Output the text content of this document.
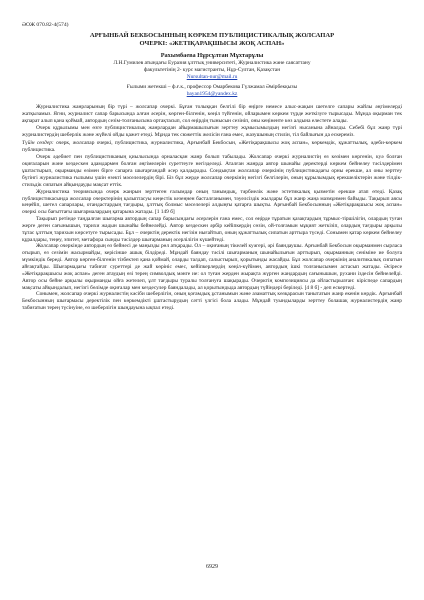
ӘОЖ 070.82-4(574)
АРҒЫНБАЙ БЕКБОСЫННЫҢ КӨРКЕМ ПУБЛИЦИСТИКАЛЫҚ ЖОЛСАПАР
ОЧЕРКІ: «ЖЕТІҚАРАҚШЫСЫ ЖОҚ АСПАН»
Рахымбаева Нұрсұлтан Мұхтарұлы
Л.Н.Гумилев атындағы Еуразия ұлттық университеті, Журналистика және саясаттану
факультетінің 2- курс магистранты, Нұр-Султан, Қазақстан
Nursultan-nur@mail.ru
Ғылыми жетекші – ф.ғ.к., профессор Омарбекова Гүлжамал Әмірбекқызы
bayan1954@yandex.kz

Журналистика жанрларының бір түрі – жолсапар очеркі. Бұған толыққан белгілі бір өңірге немесе алыс-жақын шетелге сапары жайлы әңгімелерді жатқызамыз. Ягни, журналист сапар барысында алған әсерін, көрген-білгенін, көңіл түйгенін, ойларымен көркем түрде жеткізуге тырысады. Мұнда оқырман тек ақпарат алып қана қоймай, автордың сезім-толғанысына ортақтасып, сол өңірдің тынысын сезініп, оны кеңіненте көз алдына елестете алады.

Очерк құрылымы мен өзге публицистикалық жанрлардан айырмашылығын зерттеу жұмысымыздың негізгі нысанына айналды. Себебі бұл жанр түрі журналистердің шеберлік және жүйелі ойды қажет етеді. Мұнда тек сюжеттік желісін ғана емес, жазушының стилін, тіл байлығын да ескереміз.

Түйін сөздер: очерк, жолсапар очеркі, публицистика, журналистика, Арғынбай Бекбосын, «Жетіқарақшысы жоқ аспан», көркемдік, құжаттылық, әдеби-көркем публицистика.

Очерк әдебиет пен публицистиканың қиылысында орналасқан жанр болып табылады. Жолсапар очеркі журналистің өз көзімен көргенін, куә болған оқиғаларын және кездескен адамдармен болған әңгімелерін суреттеуге негізделеді. Аталған жанрда автор шынайы деректерді көркем бейнелеу тәсілдерімен ұштастырып, оқырманды өзімен бірге сапарға шығарғандай әсер қалдырады. Сондықтан жолсапар очеркінің публицистикадағы орны ерекше, ал оны зерттеу бүгінгі журналистика ғылымы үшін өзекті мәселелердің бірі. Біз бұл жерде жолсапар очеркінің негізгі белгілерін, оның құрылымдық ерекшеліктерін және тілдік-стильдік сипатын айқындауды мақсат еттік.

Журналистика теориясында очерк жанрын зерттеген ғалымдар оның танымдық, тәрбиелік және эстетикалық қызметін ерекше атап өтеді. Қазақ публицистикасында жолсапар очерктерінің қалыптасуы кеңестік кезеңнен басталғанымен, тәуелсіздік жылдары бұл жанр жаңа мазмұнмен байыды. Тақырып аясы кеңейіп, шетел сапарлары, отандастардың тағдыры, ұлттық болмыс мәселелері алдыңғы қатарға шықты. Арғынбай Бекбосынның «Жетіқарақшысы жоқ аспан» очеркі осы бағыттағы шығармалардың қатарына жатады. [1 149 б]

Тақырып ретінде таңдалған шығарма автордың сапар барысындағы әсерлерін ғана емес, сол өңірде тұратын қазақтардың тұрмыс-тіршілігін, олардың туған жерге деген сағынышын, тарихи жадын шынайы бейнелейді. Автор кездескен әрбір кейіпкердің сөзін, ой-толғамын мұқият жеткізіп, олардың тағдыры арқылы тұтас ұлттың тарихын көрсетуге тырысады. Бұл – очерктің деректік негізін нығайтып, оның құжаттылық сипатын арттыра түседі. Сонымен қатар көркем бейнелеу құралдары, теңеу, эпитет, метафора сынды тәсілдер шығарманың әсерлілігін күшейтеді.

Жолсапар очеркінде автордың өз бейнесі де маңызды рөл атқарады. Ол – оқиғаның тікелей куәгері, әрі баяндаушы. Арғынбай Бекбосын оқырманмен сырласа отырып, өз сезімін жасырмайды, керісінше ашық білдіреді. Мұндай баяндау тәсілі шығарманың шынайылығын арттырып, оқырманның сеніміне ие болуға мүмкіндік береді. Автор көрген-білгенін тізбектеп қана қоймай, оларды талдап, салыстырып, қорытынды жасайды. Бұл жолсапар очеркінің аналитикалық сипатын айғақтайды. Шығармадағы табиғат суреттері де жай көрініс емес, кейіпкерлердің көңіл-күйімен, автордың ішкі толғанысымен астасып жатады. Әсіресе «Жетіқарақшысы жоқ аспан» деген атаудың өзі терең символдық мәнге ие: ол туған жерден жырақта жүрген жандардың сағынышын, рухани іздесін бейнелейді. Автор осы бейне арқылы оқырманды ойға жетелеп, ұлт тағдыры туралы толғануға шақырады. Очерктің композициясы да ойластырылған: кіріспеде сапардың мақсаты айқындалып, негізгі бөлімде оқиғалар мен кездесулер баяндалады, ал қорытындыда автордың түйіндері беріледі. [4 8 б] - деп ескертеді.

Сонымен, жолсапар очеркі журналистің кәсіби шеберлігін, оның қоғамдық ұстанымын және азаматтық көзқарасын танытатын жанр екенін көрдік. Арғынбай Бекбосынның шығармасы деректілік пен көркемдікті ұштастырудың сәтті үлгісі бола алады. Мұндай туындыларды зерттеу болашақ журналистердің жанр табиғатын терең түсінуіне, өз шеберлігін шыңдауына ықпал етеді.

6929
